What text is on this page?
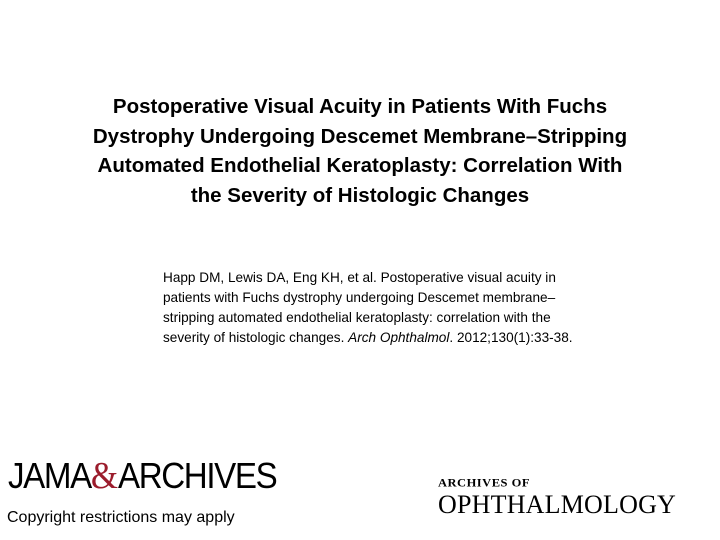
Postoperative Visual Acuity in Patients With Fuchs Dystrophy Undergoing Descemet Membrane–Stripping Automated Endothelial Keratoplasty: Correlation With the Severity of Histologic Changes

Happ DM, Lewis DA, Eng KH, et al. Postoperative visual acuity in patients with Fuchs dystrophy undergoing Descemet membrane–stripping automated endothelial keratoplasty: correlation with the severity of histologic changes. Arch Ophthalmol. 2012;130(1):33-38.

JAMA&ARCHIVES
Copyright restrictions may apply
ARCHIVES OF
OPHTHALMOLOGY
